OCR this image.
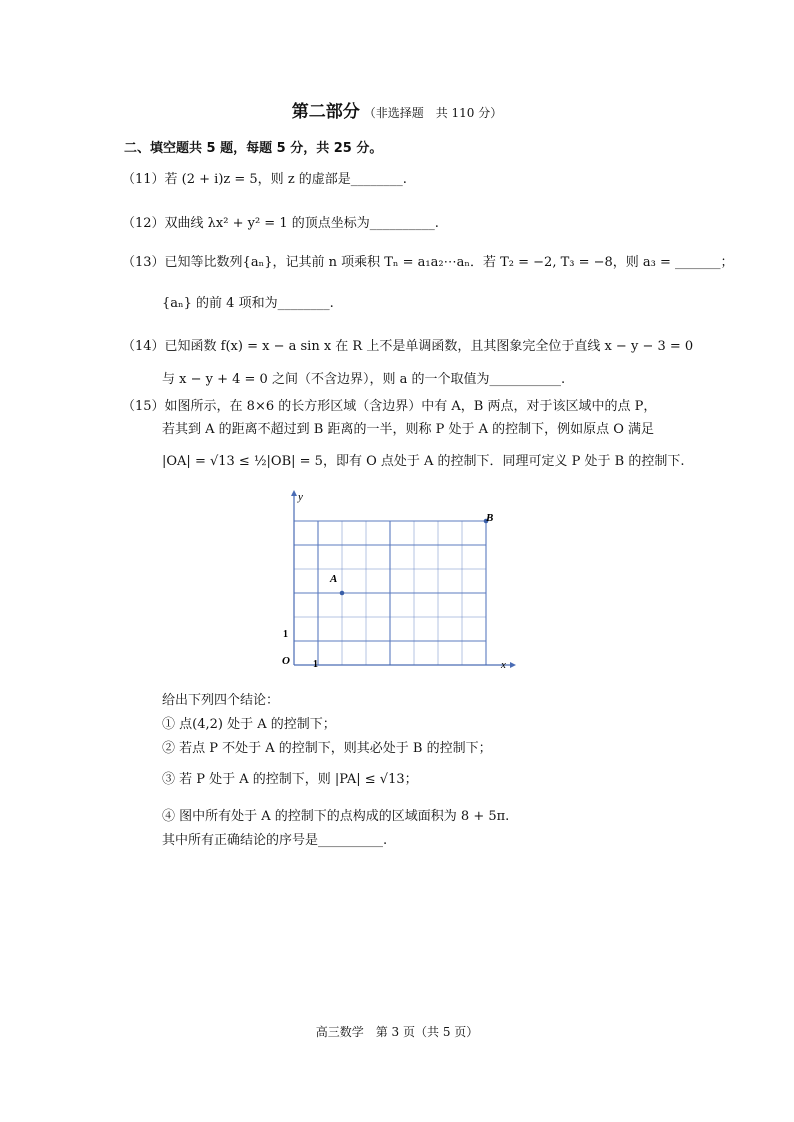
第二部分 （非选择题　共 110 分）
二、填空题共 5 题，每题 5 分，共 25 分。
（11）若 (2 + i)z = 5，则 z 的虚部是________.
（12）双曲线 λx² + y² = 1 的顶点坐标为__________.
（13）已知等比数列{aₙ}，记其前 n 项乘积 Tₙ = a₁a₂⋯aₙ．若 T₂ = −2, T₃ = −8，则 a₃ = _______；
{aₙ} 的前 4 项和为________.
（14）已知函数 f(x) = x − a sin x 在 R 上不是单调函数，且其图象完全位于直线 x − y − 3 = 0
与 x − y + 4 = 0 之间（不含边界），则 a 的一个取值为___________.
（15）如图所示，在 8×6 的长方形区域（含边界）中有 A，B 两点，对于该区域中的点 P，
若其到 A 的距离不超过到 B 距离的一半，则称 P 处于 A 的控制下，例如原点 O 满足
|OA| = √13 ≤ ½|OB| = 5，即有 O 点处于 A 的控制下．同理可定义 P 处于 B 的控制下.
y
x
O
A
B
1
1
给出下列四个结论：
① 点(4,2) 处于 A 的控制下；
② 若点 P 不处于 A 的控制下，则其必处于 B 的控制下；
③ 若 P 处于 A 的控制下，则 |PA| ≤ √13；
④ 图中所有处于 A 的控制下的点构成的区域面积为 8 + 5π.
其中所有正确结论的序号是__________.
高三数学　第 3 页（共 5 页）
